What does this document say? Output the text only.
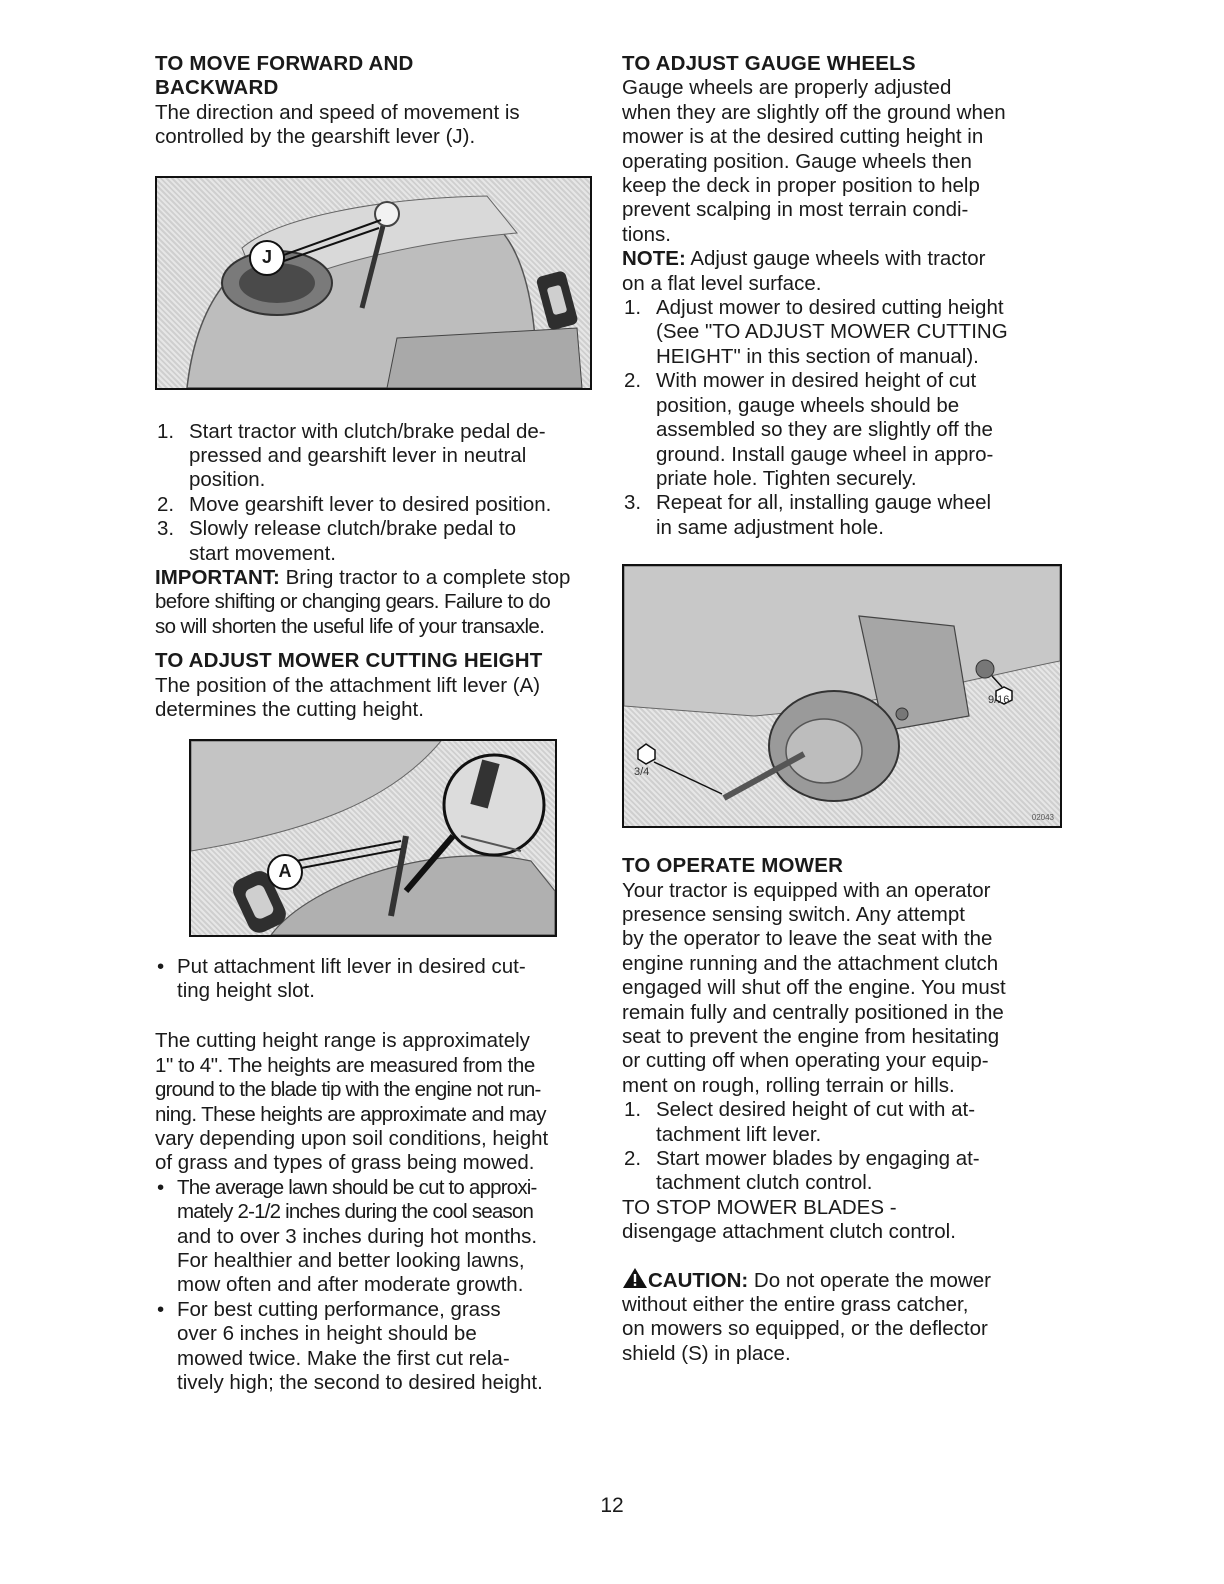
TO MOVE FORWARD AND
BACKWARD
The direction and speed of movement is
controlled by the gearshift lever (J).
J
1. Start tractor with clutch/brake pedal de-
pressed and gearshift lever in neutral
position.
2. Move gearshift lever to desired position.
3. Slowly release clutch/brake pedal to
start movement.
IMPORTANT: Bring tractor to a complete stop
before shifting or changing gears. Failure to do
so will shorten the useful life of your transaxle.
TO ADJUST MOWER CUTTING HEIGHT
The position of the attachment lift lever (A)
determines the cutting height.
A
• Put attachment lift lever in desired cut-
ting height slot.
The cutting height range is approximately
1" to 4". The heights are measured from the
ground to the blade tip with the engine not run-
ning. These heights are approximate and may
vary depending upon soil conditions, height
of grass and types of grass being mowed.
• The average lawn should be cut to approxi-
mately 2-1/2 inches during the cool season
and to over 3 inches during hot months.
For healthier and better looking lawns,
mow often and after moderate growth.
• For best cutting performance, grass
over 6 inches in height should be
mowed twice. Make the first cut rela-
tively high; the second to desired height.
TO ADJUST GAUGE WHEELS
Gauge wheels are properly adjusted
when they are slightly off the ground when
mower is at the desired cutting height in
operating position. Gauge wheels then
keep the deck in proper position to help
prevent scalping in most terrain condi-
tions.
NOTE: Adjust gauge wheels with tractor
on a flat level surface.
1. Adjust mower to desired cutting height
(See "TO ADJUST MOWER CUTTING
HEIGHT" in this section of manual).
2. With mower in desired height of cut
position, gauge wheels should be
assembled so they are slightly off the
ground. Install gauge wheel in appro-
priate hole. Tighten securely.
3. Repeat for all, installing gauge wheel
in same adjustment hole.
9/16
3/4
02043
TO OPERATE MOWER
Your tractor is equipped with an operator
presence sensing switch. Any attempt
by the operator to leave the seat with the
engine running and the attachment clutch
engaged will shut off the engine. You must
remain fully and centrally positioned in the
seat to prevent the engine from hesitating
or cutting off when operating your equip-
ment on rough, rolling terrain or hills.
1. Select desired height of cut with at-
tachment lift lever.
2. Start mower blades by engaging at-
tachment clutch control.
TO STOP MOWER BLADES -
disengage attachment clutch control.
CAUTION: Do not operate the mower
without either the entire grass catcher,
on mowers so equipped, or the deflector
shield (S) in place.
12
